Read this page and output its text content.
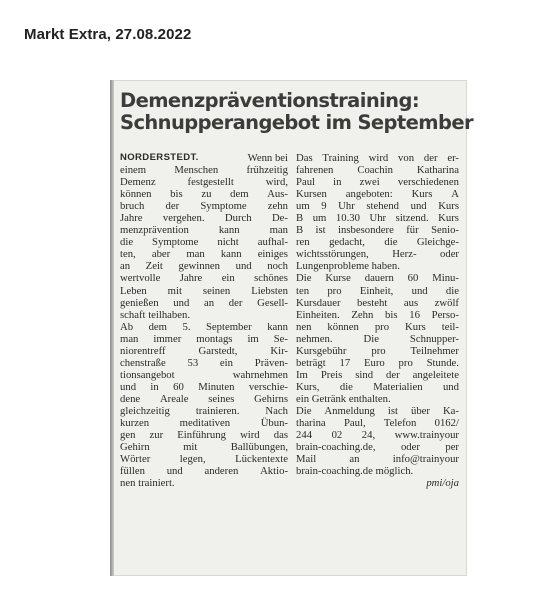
Markt Extra, 27.08.2022
Demenzpräventionstraining:
Schnupperangebot im September
NORDERSTEDT.	Wenn bei
einem	Menschen	frühzeitig
Demenz	festgestellt	wird,
können bis zu dem Aus-
bruch der Symptome zehn
Jahre vergehen. Durch De-
menzprävention	kann	man
die Symptome nicht aufhal-
ten, aber man kann einiges
an Zeit gewinnen und noch
wertvolle Jahre ein schönes
Leben mit seinen Liebsten
genießen und an der Gesell-
schaft teilhaben.
Ab dem 5. September kann
man immer montags im Se-
niorentreff	Garstedt,	Kir-
chenstraße 53 ein Präven-
tionsangebot	wahrnehmen
und in 60 Minuten verschie-
dene Areale seines Gehirns
gleichzeitig trainieren. Nach
kurzen	meditativen	Übun-
gen zur Einführung wird das
Gehirn	mit	Ballübungen,
Wörter	legen,	Lückentexte
füllen und anderen Aktio-
nen trainiert.
Das Training wird von der er-
fahrenen Coachin Katharina
Paul in zwei verschiedenen
Kursen angeboten: Kurs A
um 9 Uhr stehend und Kurs
B um 10.30 Uhr sitzend. Kurs
B ist insbesondere für Senio-
ren gedacht, die Gleichge-
wichtsstörungen, Herz- oder
Lungenprobleme haben.
Die Kurse dauern 60 Minu-
ten pro Einheit, und die
Kursdauer besteht aus zwölf
Einheiten. Zehn bis 16 Perso-
nen können pro Kurs teil-
nehmen.	Die	Schnupper-
Kursgebühr pro Teilnehmer
beträgt 17 Euro pro Stunde.
Im Preis sind der angeleitete
Kurs, die Materialien und
ein Getränk enthalten.
Die Anmeldung ist über Ka-
tharina Paul, Telefon 0162/
244 02 24, www.trainyour
brain-coaching.de, oder per
Mail	an	info@trainyour
brain-coaching.de möglich.
pmi/oja
